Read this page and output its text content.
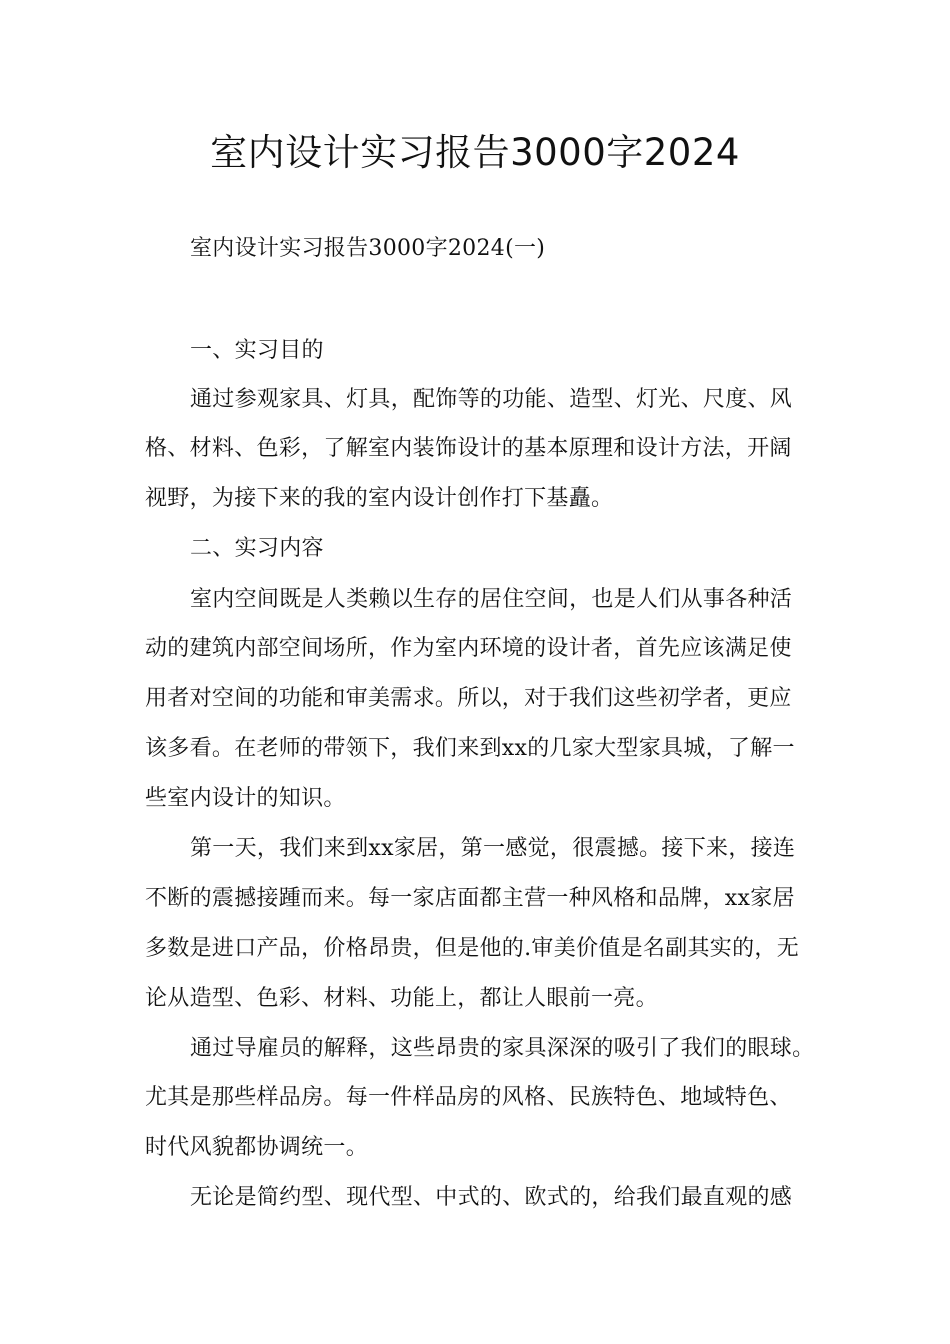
室内设计实习报告3000字2024
室内设计实习报告3000字2024(一)
一、实习目的
通过参观家具、灯具，配饰等的功能、造型、灯光、尺度、风
格、材料、色彩，了解室内装饰设计的基本原理和设计方法，开阔
视野，为接下来的我的室内设计创作打下基矗。
二、实习内容
室内空间既是人类赖以生存的居住空间，也是人们从事各种活
动的建筑内部空间场所，作为室内环境的设计者，首先应该满足使
用者对空间的功能和审美需求。所以，对于我们这些初学者，更应
该多看。在老师的带领下，我们来到xx的几家大型家具城，了解一
些室内设计的知识。
第一天，我们来到xx家居，第一感觉，很震撼。接下来，接连
不断的震撼接踵而来。每一家店面都主营一种风格和品牌，xx家居
多数是进口产品，价格昂贵，但是他的.审美价值是名副其实的，无
论从造型、色彩、材料、功能上，都让人眼前一亮。
通过导雇员的解释，这些昂贵的家具深深的吸引了我们的眼球。
尤其是那些样品房。每一件样品房的风格、民族特色、地域特色、
时代风貌都协调统一。
无论是简约型、现代型、中式的、欧式的，给我们最直观的感
